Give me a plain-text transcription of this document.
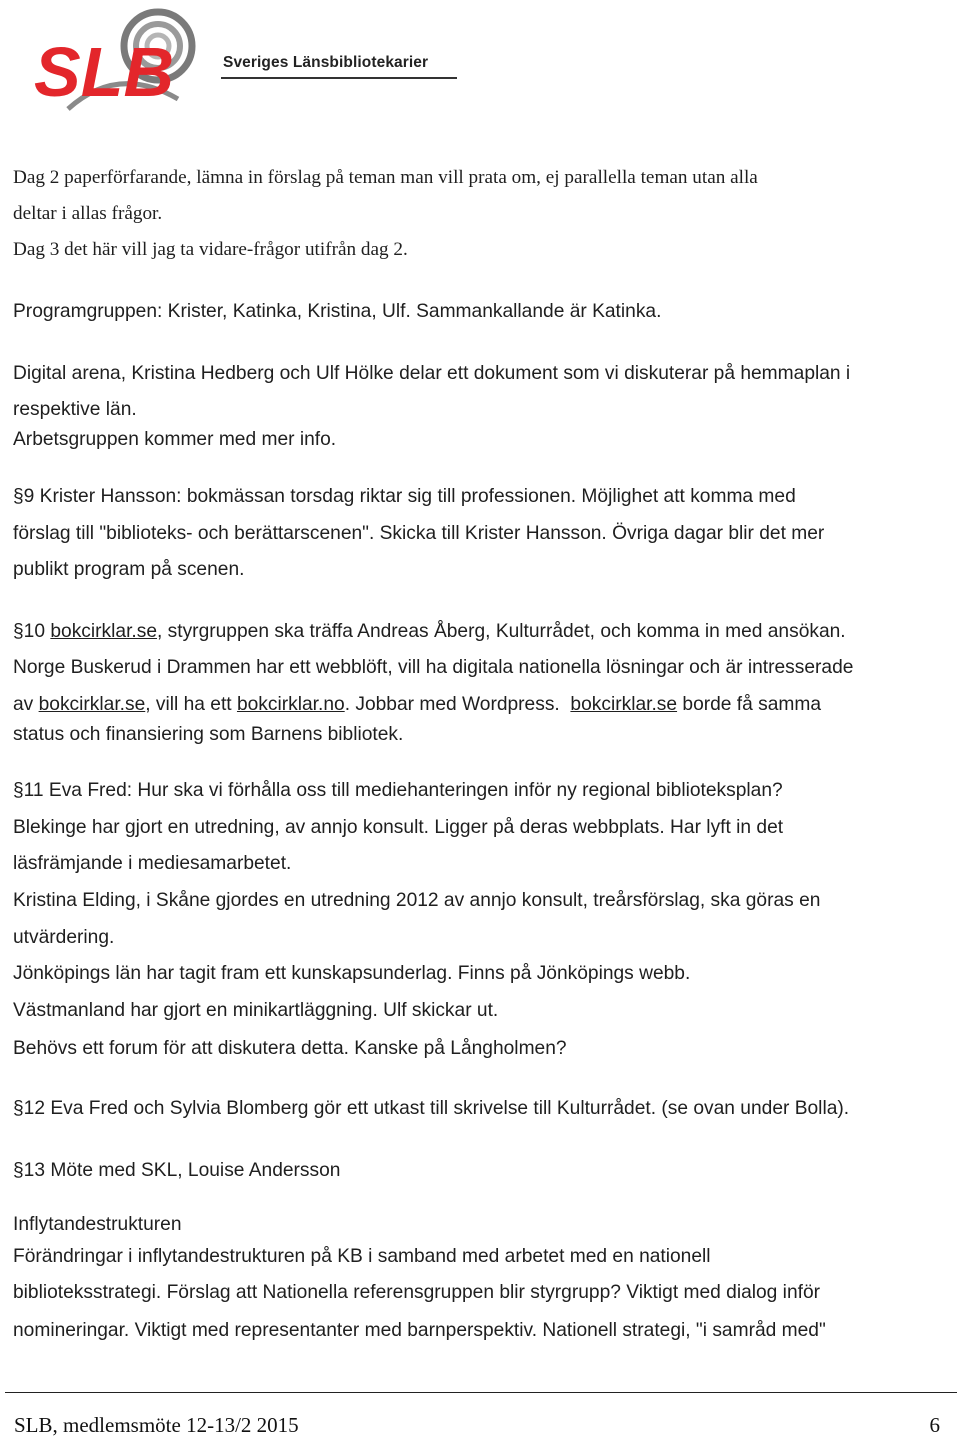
SLB	Sveriges Länsbibliotekarier
Dag 2 paperförfarande, lämna in förslag på teman man vill prata om, ej parallella teman utan alla
deltar i allas frågor.
Dag 3 det här vill jag ta vidare-frågor utifrån dag 2.
Programgruppen: Krister, Katinka, Kristina, Ulf. Sammankallande är Katinka.
Digital arena, Kristina Hedberg och Ulf Hölke delar ett dokument som vi diskuterar på hemmaplan i
respektive län.
Arbetsgruppen kommer med mer info.
§9 Krister Hansson: bokmässan torsdag riktar sig till professionen. Möjlighet att komma med
förslag till "biblioteks- och berättarscenen". Skicka till Krister Hansson. Övriga dagar blir det mer
publikt program på scenen.
§10 bokcirklar.se, styrgruppen ska träffa Andreas Åberg, Kulturrådet, och komma in med ansökan.
Norge Buskerud i Drammen har ett webblöft, vill ha digitala nationella lösningar och är intresserade
av bokcirklar.se, vill ha ett bokcirklar.no. Jobbar med Wordpress.  bokcirklar.se borde få samma
status och finansiering som Barnens bibliotek.
§11 Eva Fred: Hur ska vi förhålla oss till mediehanteringen inför ny regional biblioteksplan?
Blekinge har gjort en utredning, av annjo konsult. Ligger på deras webbplats. Har lyft in det
läsfrämjande i mediesamarbetet.
Kristina Elding, i Skåne gjordes en utredning 2012 av annjo konsult, treårsförslag, ska göras en
utvärdering.
Jönköpings län har tagit fram ett kunskapsunderlag. Finns på Jönköpings webb.
Västmanland har gjort en minikartläggning. Ulf skickar ut.
Behövs ett forum för att diskutera detta. Kanske på Långholmen?
§12 Eva Fred och Sylvia Blomberg gör ett utkast till skrivelse till Kulturrådet. (se ovan under Bolla).
§13 Möte med SKL, Louise Andersson
Inflytandestrukturen
Förändringar i inflytandestrukturen på KB i samband med arbetet med en nationell
biblioteksstrategi. Förslag att Nationella referensgruppen blir styrgrupp? Viktigt med dialog inför
nomineringar. Viktigt med representanter med barnperspektiv. Nationell strategi, "i samråd med"
SLB, medlemsmöte 12-13/2 2015	6
